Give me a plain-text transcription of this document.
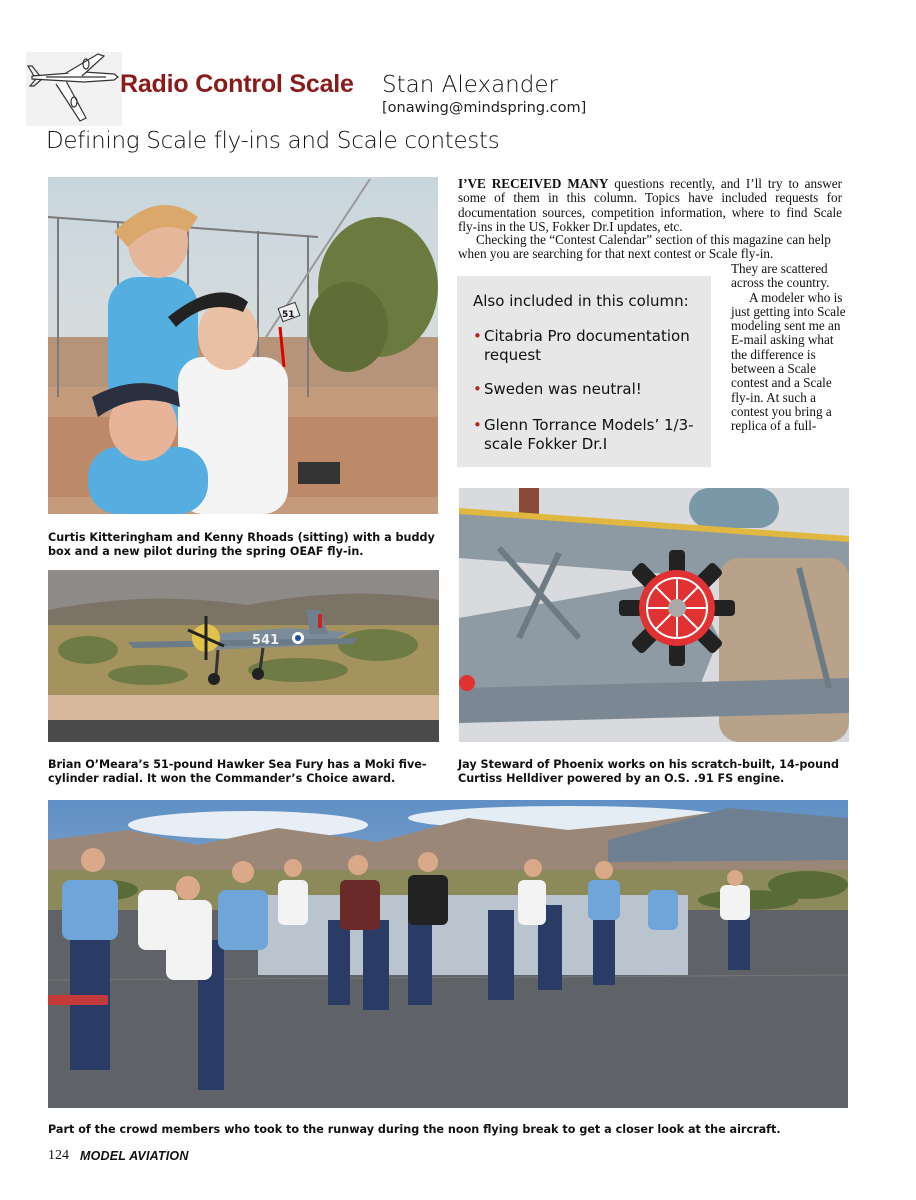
Radio Control Scale Stan Alexander
[onawing@mindspring.com]
Defining Scale fly-ins and Scale contests
51
Curtis Kitteringham and Kenny Rhoads (sitting) with a buddy box and a new pilot during the spring OEAF fly-in.
541
Brian O’Meara’s 51-pound Hawker Sea Fury has a Moki five-cylinder radial. It won the Commander’s Choice award.
Jay Steward of Phoenix works on his scratch-built, 14-pound Curtiss Helldiver powered by an O.S. .91 FS engine.
Part of the crowd members who took to the runway during the noon flying break to get a closer look at the aircraft.
I’VE RECEIVED MANY questions recently, and I’ll try to answer some of them in this column. Topics have included requests for documentation sources, competition information, where to find Scale fly-ins in the US, Fokker Dr.I updates, etc.
Checking the “Contest Calendar” section of this magazine can help when you are searching for that next contest or Scale fly-in.
They are scattered across the country.
A modeler who is just getting into Scale modeling sent me an E-mail asking what the difference is between a Scale contest and a Scale fly-in. At such a contest you bring a replica of a full-
Also included in this column:
• Citabria Pro documentation request
• Sweden was neutral!
• Glenn Torrance Models’ 1/3-scale Fokker Dr.I
124 MODEL AVIATION
